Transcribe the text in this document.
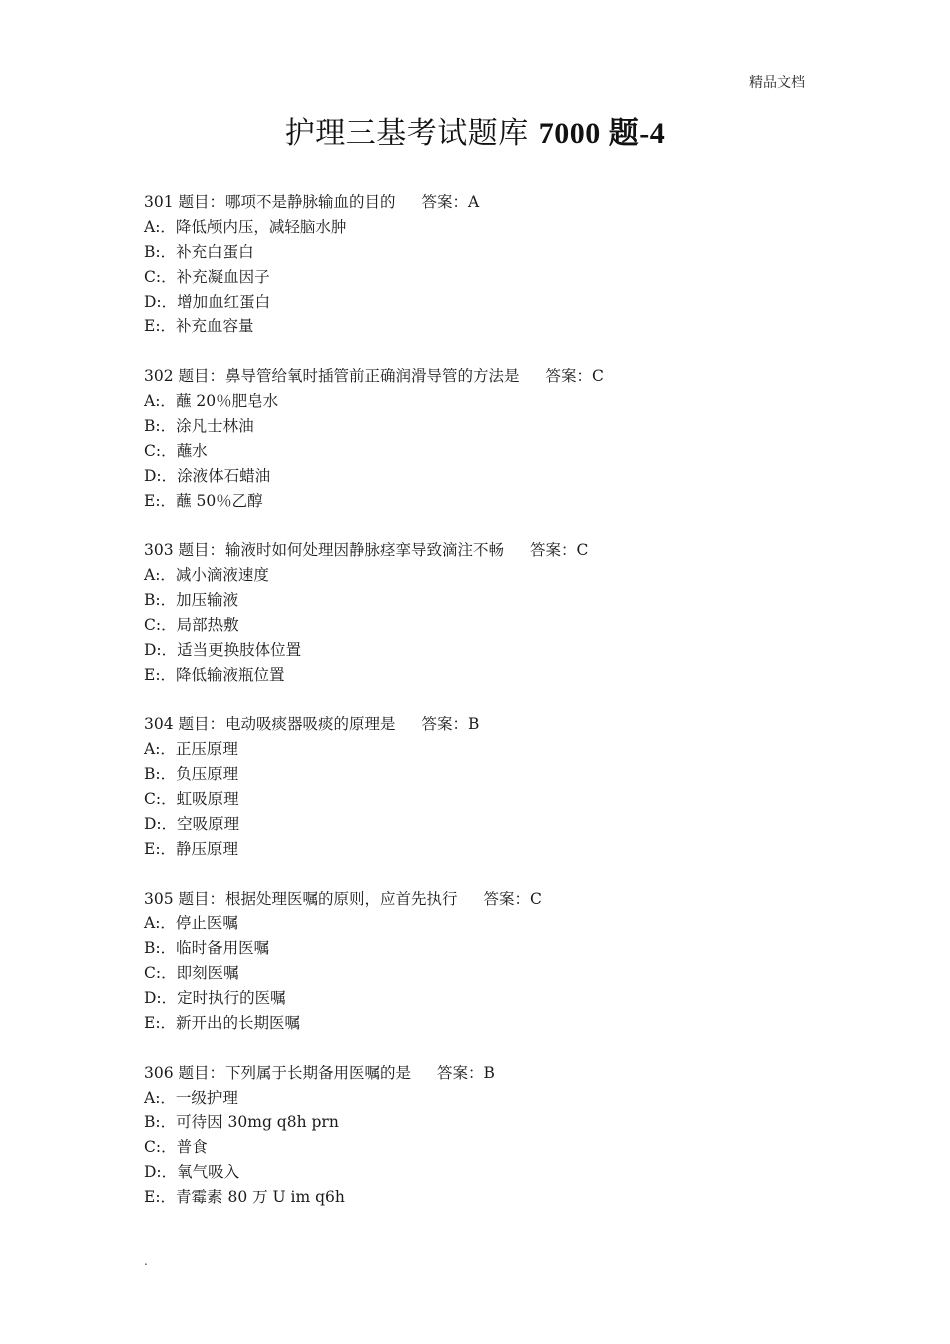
精品文档
护理三基考试题库 7000 题-4
301 题目：哪项不是静脉输血的目的 答案：A
A:．降低颅内压，减轻脑水肿
B:．补充白蛋白
C:．补充凝血因子
D:．增加血红蛋白
E:．补充血容量
302 题目：鼻导管给氧时插管前正确润滑导管的方法是 答案：C
A:．蘸 20％肥皂水
B:．涂凡士林油
C:．蘸水
D:．涂液体石蜡油
E:．蘸 50％乙醇
303 题目：输液时如何处理因静脉痉挛导致滴注不畅 答案：C
A:．减小滴液速度
B:．加压输液
C:．局部热敷
D:．适当更换肢体位置
E:．降低输液瓶位置
304 题目：电动吸痰器吸痰的原理是 答案：B
A:．正压原理
B:．负压原理
C:．虹吸原理
D:．空吸原理
E:．静压原理
305 题目：根据处理医嘱的原则，应首先执行 答案：C
A:．停止医嘱
B:．临时备用医嘱
C:．即刻医嘱
D:．定时执行的医嘱
E:．新开出的长期医嘱
306 题目：下列属于长期备用医嘱的是 答案：B
A:．一级护理
B:．可待因 30mg q8h prn
C:．普食
D:．氧气吸入
E:．青霉素 80 万 U im q6h
.
